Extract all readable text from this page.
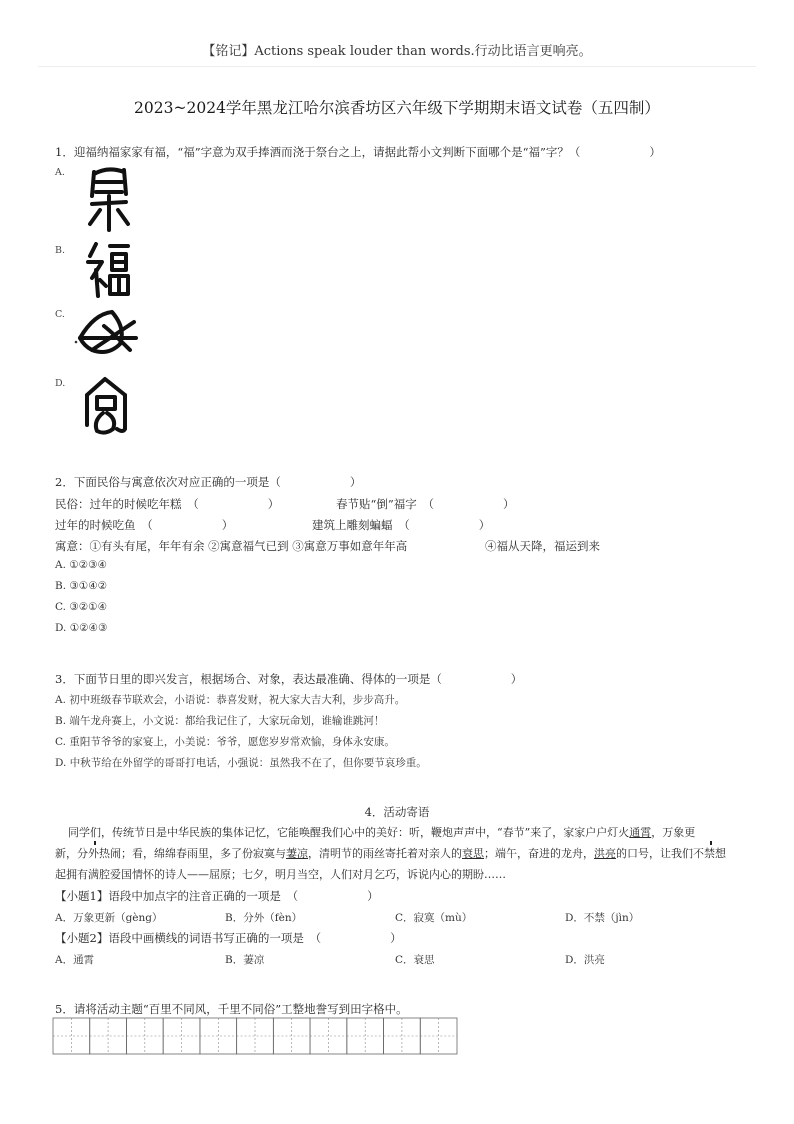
【铭记】Actions speak louder than words.行动比语言更响亮。
2023~2024学年黑龙江哈尔滨香坊区六年级下学期期末语文试卷（五四制）
1．迎福纳福家家有福，“福”字意为双手捧酒而浇于祭台之上，请据此帮小文判断下面哪个是“福”字？（　　　　　　）
A.
B.
C.
D.
2．下面民俗与寓意依次对应正确的一项是（　　　　　　）
民俗：过年的时候吃年糕　（　　　　　　）	春节贴“倒”福字　（　　　　　　）
过年的时候吃鱼　（　　　　　　）	建筑上雕刻蝙蝠　（　　　　　　）
寓意：①有头有尾，年年有余 ②寓意福气已到 ③寓意万事如意年年高	④福从天降，福运到来
A. ①②③④
B. ③①④②
C. ③②①④
D. ①②④③
3．下面节日里的即兴发言，根据场合、对象，表达最准确、得体的一项是（　　　　　　）
A. 初中班级春节联欢会，小语说：恭喜发财，祝大家大吉大利，步步高升。
B. 端午龙舟赛上，小文说：都给我记住了，大家玩命划，谁输谁跳河！
C. 重阳节爷爷的家宴上，小美说：爷爷，愿您岁岁常欢愉，身体永安康。
D. 中秋节给在外留学的哥哥打电话，小强说：虽然我不在了，但你要节哀珍重。
4．活动寄语
同学们，传统节日是中华民族的集体记忆，它能唤醒我们心中的美好：听，鞭炮声声中，“春节”来了，家家户户灯火通霄，万象更
新，分外热闹；看，绵绵春雨里，多了份寂寞与萋凉，清明节的雨丝寄托着对亲人的衰思；端午，奋进的龙舟，洪亮的口号，让我们不禁想
起拥有满腔爱国情怀的诗人——屈原；七夕，明月当空，人们对月乞巧，诉说内心的期盼……
【小题1】语段中加点字的注音正确的一项是　（　　　　　　）
A．万象更新（gèng）	B．分外（fèn）	C．寂寞（mù）	D．不禁（jìn）
【小题2】语段中画横线的词语书写正确的一项是　（　　　　　　）
A．通霄	B．萋凉	C．衰思	D．洪亮
5．请将活动主题“百里不同风，千里不同俗”工整地誊写到田字格中。
